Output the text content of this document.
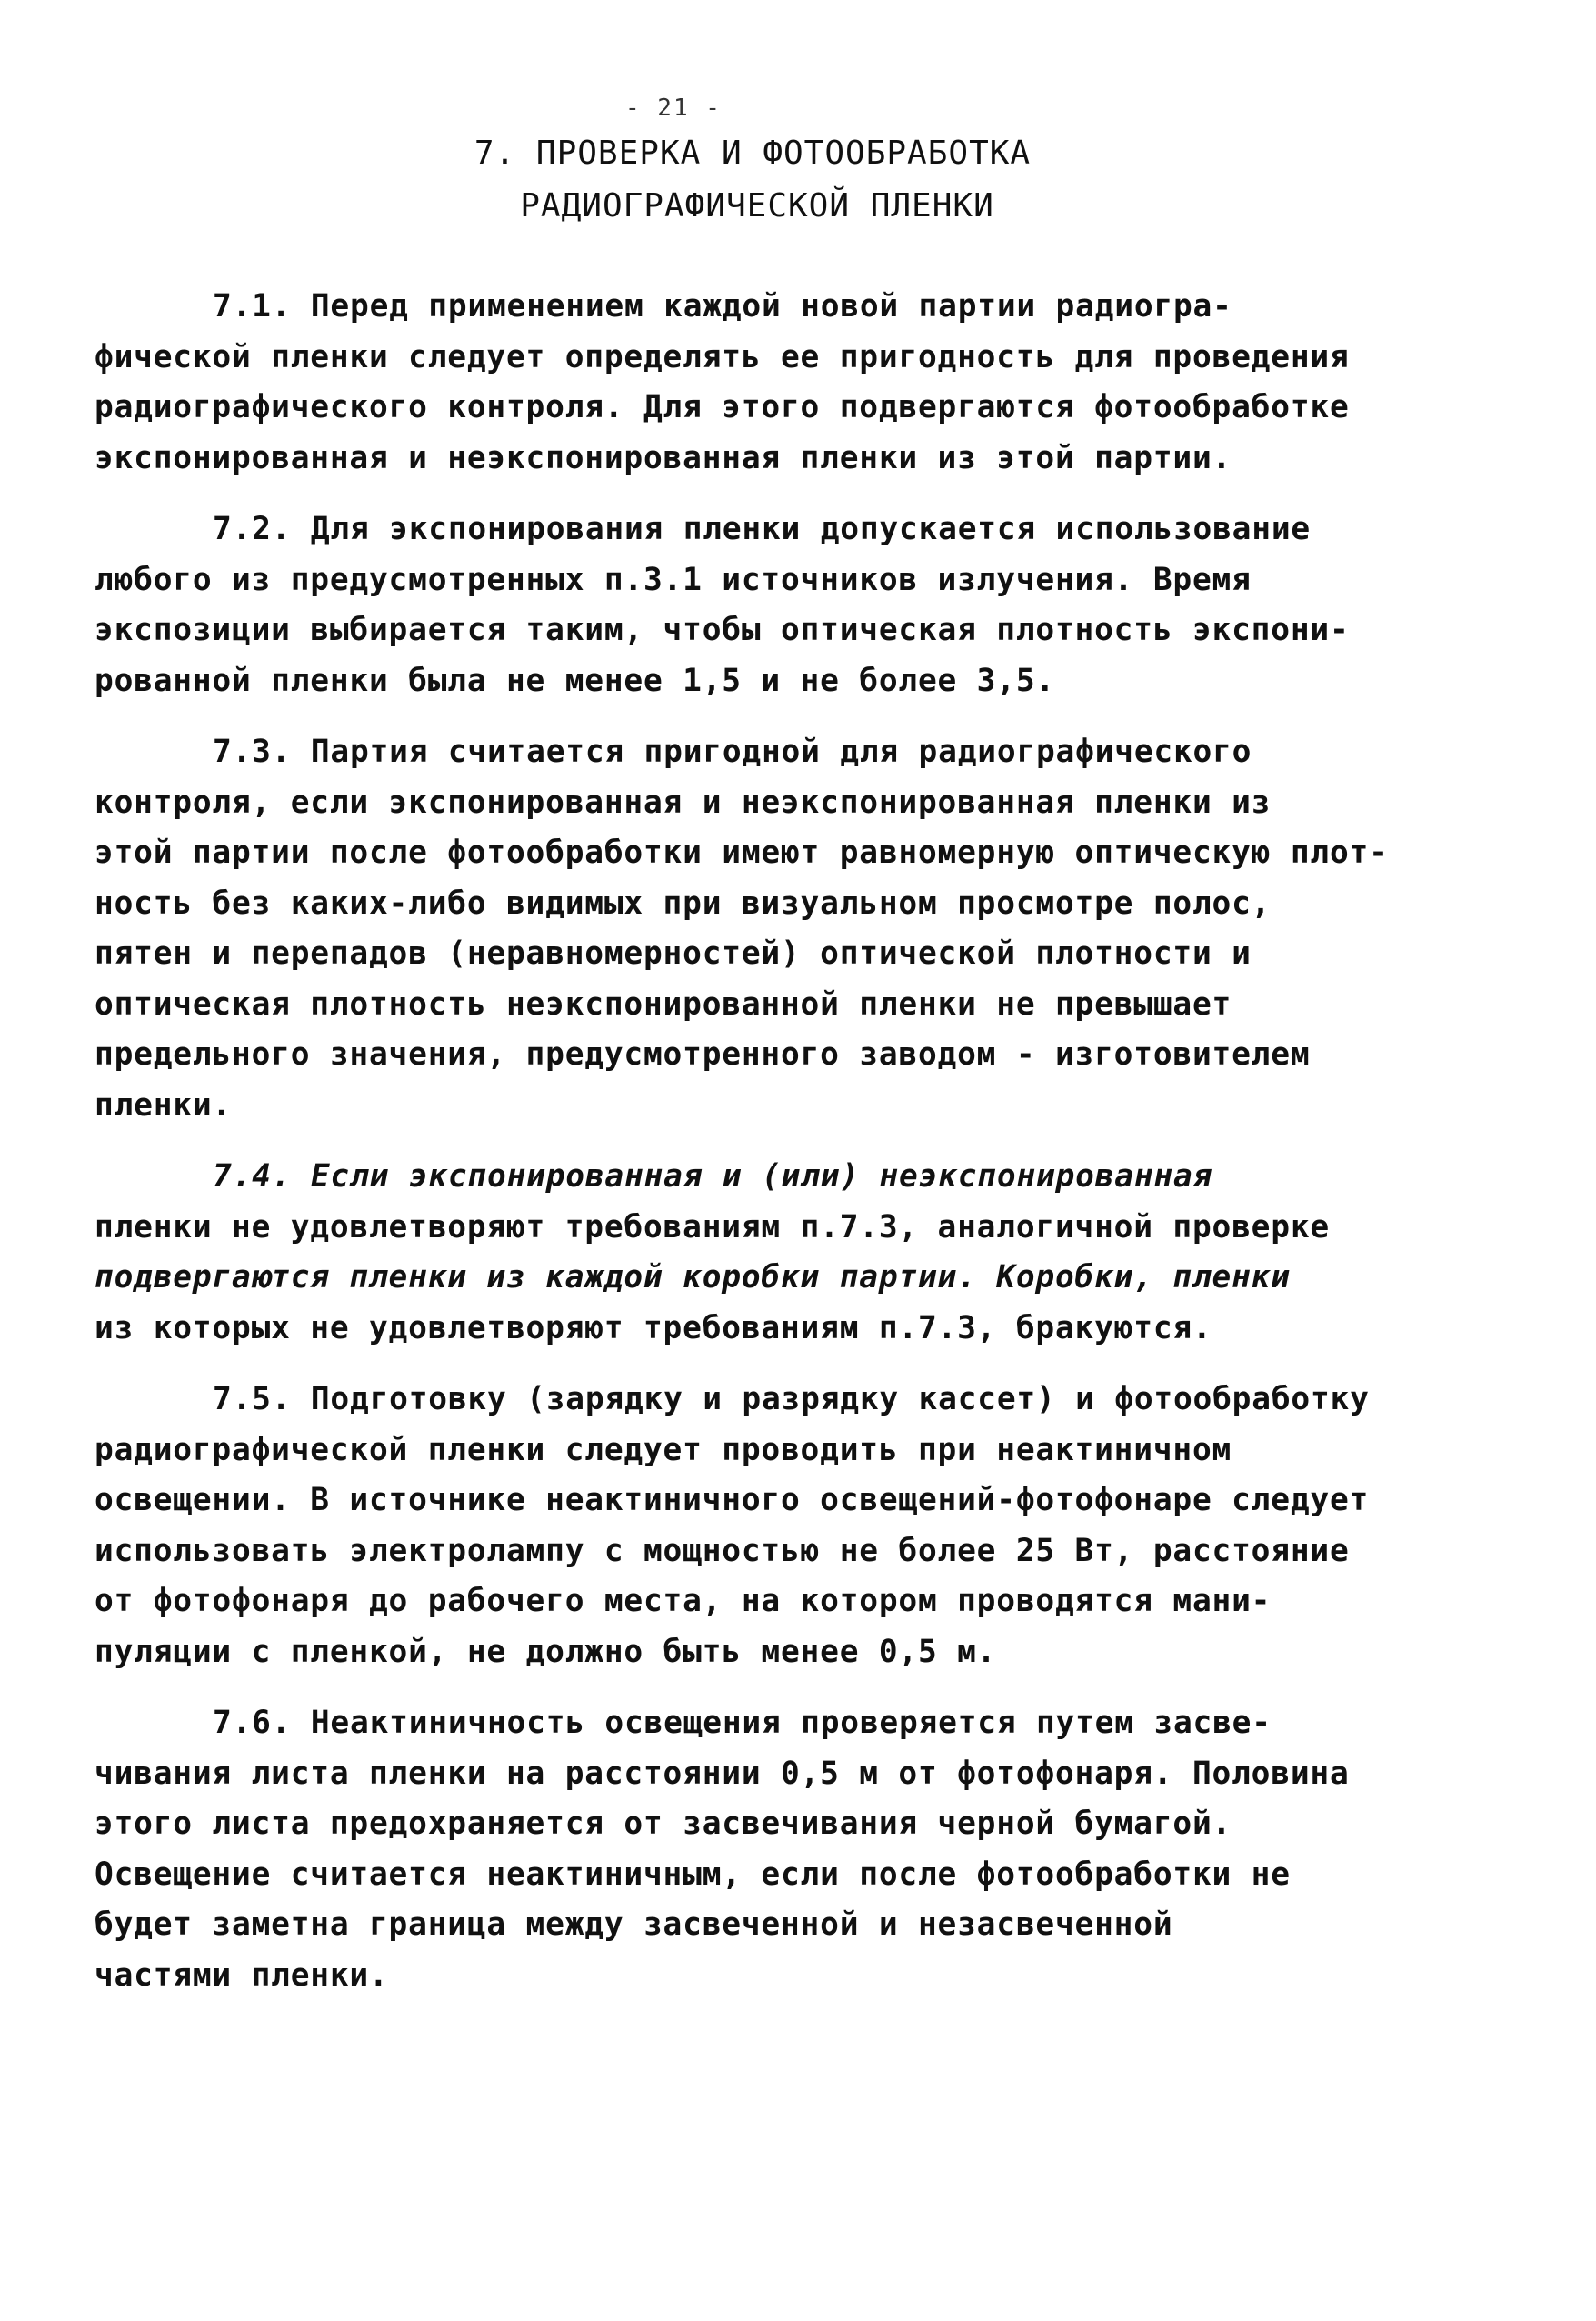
- 21 -
7. ПРОВЕРКА И ФОТООБРАБОТКА
РАДИОГРАФИЧЕСКОЙ ПЛЕНКИ
7.1. Перед применением каждой новой партии радиогра-
фической пленки следует определять ее пригодность для проведения
радиографического контроля. Для этого подвергаются фотообработке
экспонированная и неэкспонированная пленки из этой партии.
7.2. Для экспонирования пленки допускается использование
любого из предусмотренных п.3.1 источников излучения. Время
экспозиции выбирается таким, чтобы оптическая плотность экспони-
рованной пленки была не менее 1,5 и не более 3,5.
7.3. Партия считается пригодной для радиографического
контроля, если экспонированная и неэкспонированная пленки из
этой партии после фотообработки имеют равномерную оптическую плот-
ность без каких-либо видимых при визуальном просмотре полос,
пятен и перепадов (неравномерностей) оптической плотности и
оптическая плотность неэкспонированной пленки не превышает
предельного значения, предусмотренного заводом - изготовителем
пленки.
7.4. Если экспонированная и (или) неэкспонированная
пленки не удовлетворяют требованиям п.7.3, аналогичной проверке
подвергаются пленки из каждой коробки партии. Коробки, пленки
из которых не удовлетворяют требованиям п.7.3, бракуются.
7.5. Подготовку (зарядку и разрядку кассет) и фотообработку
радиографической пленки следует проводить при неактиничном
освещении. В источнике неактиничного освещений-фотофонаре следует
использовать электролампу с мощностью не более 25 Вт, расстояние
от фотофонаря до рабочего места, на котором проводятся мани-
пуляции с пленкой, не должно быть менее 0,5 м.
7.6. Неактиничность освещения проверяется путем засве-
чивания листа пленки на расстоянии 0,5 м от фотофонаря. Половина
этого листа предохраняется от засвечивания черной бумагой.
Освещение считается неактиничным, если после фотообработки не
будет заметна граница между засвеченной и незасвеченной
частями пленки.
